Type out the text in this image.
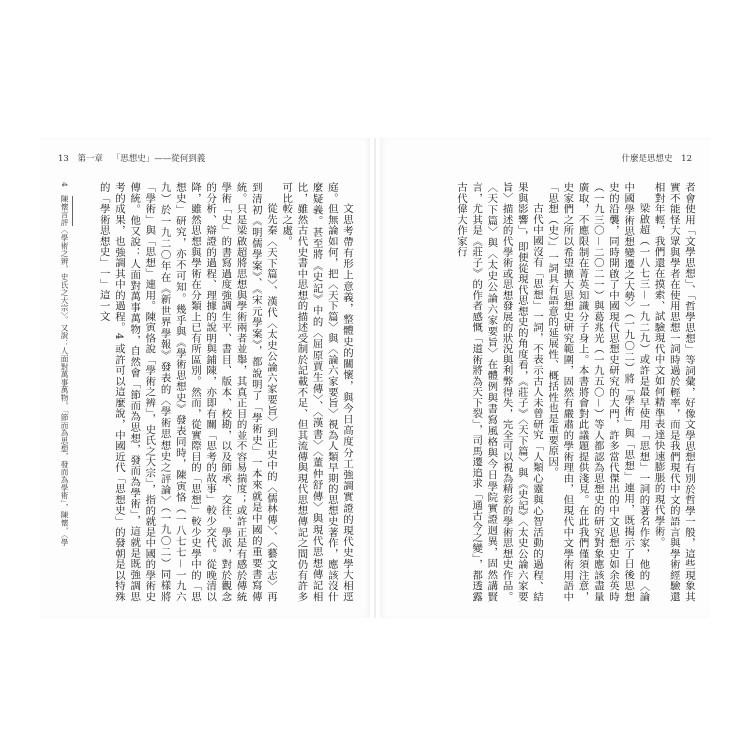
13 第一章 「思想史」——從何到義

文思考帶有形上意義，整體史的關懷，與今日高度分工強調實證的現代史學大相逕庭。但無論如何，把〈天下篇〉與〈論六家要旨〉視為人類早期的思想史著作，應該沒什麼疑義。甚至將《史記》中的〈屈原賈生傳〉、〈漢書〉〈董仲舒傳〉與現代思想傳記相比，雖然古代史書中思想的描述受制於記載不足、但其流傳與現代思想傳記之間仍有許多可比較之處。

從先秦〈天下篇〉、漢代〈太史公論六家要旨〉到正史中的〈儒林傳〉、〈藝文志〉再到清初《明儒學案》、《宋元學案》，都說明了「學術史」一本來就是中國的重要書寫傳統。只是梁啟超將思想與學術兩者並舉，其真正目的並不容易揣度；或許正是有感於傳統學術「史」的書寫過度強調生平、書目、版本、校勘，以及師承、交往、學派，對於觀念的分析、辯證的過程、理據的說明與鋪陳，亦即有關「思考的故事」較少交代。從晚清以降，雖然思想與學術在分類上已有所區別。然而，從實際目的「思想」較少史學中的「思想史」研究，亦不可知。幾乎與《學術思想史》發表同時，陳寅恪（一八七七－一九六九）於一九二〇年在《新世界學報》發表的〈學術思想史之評論〉（一九〇二）同樣將「學術」與「思想」連用。陳寅恪說「學術之辨」，史氏之大宗」，指的就是中國的學術史傳統。他又說：人面對萬事萬物，自然會「節而為思想，發而為學術」，這就是既強調思考的成果，也強調其中的過程。4 或許可以這麼說，中國近代「思想史」的發朝是以特殊的「學術思想史」一」這一文

4　陳懷言評〈學術之辨，史氏之大宗〉。又說：人面對萬事萬物，「節而為思想，發而為學術」，陳懷，〈學
什麼是思想史 12

者會使用「文學思想」、「哲學思想」等詞彙，好像文學思想有別於哲學一般，這些現象其實不能怪大眾與學者在使用思想一詞時過於輕率，而是我們現代中文的語言與學術經驗還相對年輕，我們還在摸索、試驗現代中文如何精準表達快速膨脹的現代學術。

梁啟超（一八七三－一九二九）或許是最早使用「思想」一詞的著名作家，他的〈論中國學術思想變遷之大勢〉（一九〇二）將「學術」與「思想」連用，既揭示了日後思想史的沿襲，同時開啟了中國現代思想史研究的大門，許多當代傑出的中文思想史如余英時（一九三〇－二〇二一）與葛兆光（一九五〇－）等人都認為思想史的研究對象應該盡量廣取，不應限制在菁英知識分子身上。本書將會對此議題提供淺見。在此我們僅須注意，史家們之所以希望擴大思想史研究範圍，固然有嚴肅的學術理由，但現代中文學術用語中「思想（史）」一詞具有語意的延展性、概括性也是重要原因。

古代中國沒有「思想」一詞，不表示古人未曾研究「人類心靈與心智活動的過程、結果與影響」，即便從現代思想史的角度看，《莊子》〈天下篇〉與《史記》〈太史公論六家要旨〉描述的代學術或思想發展的狀況與利弊得失，完全可以視為精彩的學術思想史作品。〈天下篇〉與〈太史公論六家要旨〉在體例與書寫風格與今日學院實證迥異，固然講賢言，尤其是《莊子》的作者感慨「道術將為天下裂」，司馬遷追求「通古今之變」，都透露古代偉大作家行
